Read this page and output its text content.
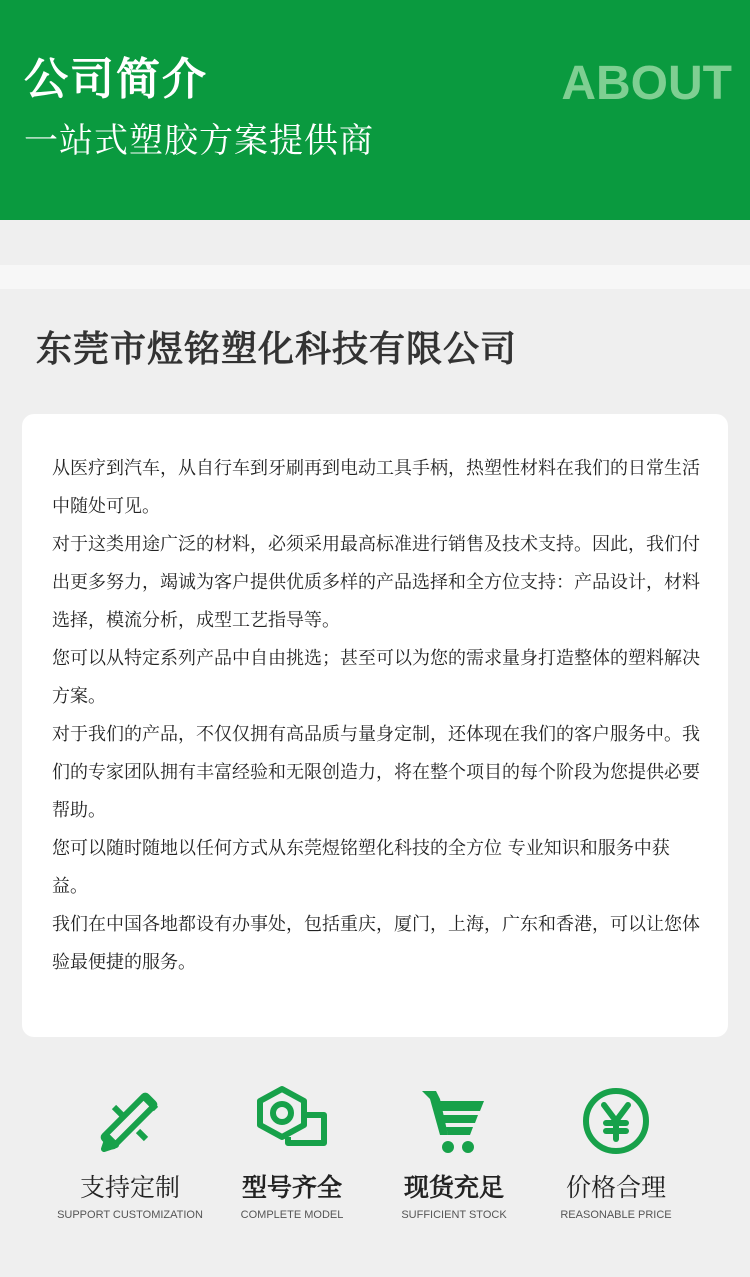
公司简介	ABOUT
一站式塑胶方案提供商
东莞市煜铭塑化科技有限公司

从医疗到汽车，从自行车到牙刷再到电动工具手柄，热塑性材料在我们的日常生活中随处可见。

对于这类用途广泛的材料，必须采用最高标准进行销售及技术支持。因此，我们付出更多努力，竭诚为客户提供优质多样的产品选择和全方位支持：产品设计，材料选择，模流分析，成型工艺指导等。

您可以从特定系列产品中自由挑选；甚至可以为您的需求量身打造整体的塑料解决方案。

对于我们的产品，不仅仅拥有高品质与量身定制，还体现在我们的客户服务中。我们的专家团队拥有丰富经验和无限创造力，将在整个项目的每个阶段为您提供必要帮助。

您可以随时随地以任何方式从东莞煜铭塑化科技的全方位 专业知识和服务中获益。

我们在中国各地都设有办事处，包括重庆，厦门，上海，广东和香港，可以让您体验最便捷的服务。

支持定制
SUPPORT CUSTOMIZATION
型号齐全
COMPLETE MODEL
现货充足
SUFFICIENT STOCK
价格合理
REASONABLE PRICE
